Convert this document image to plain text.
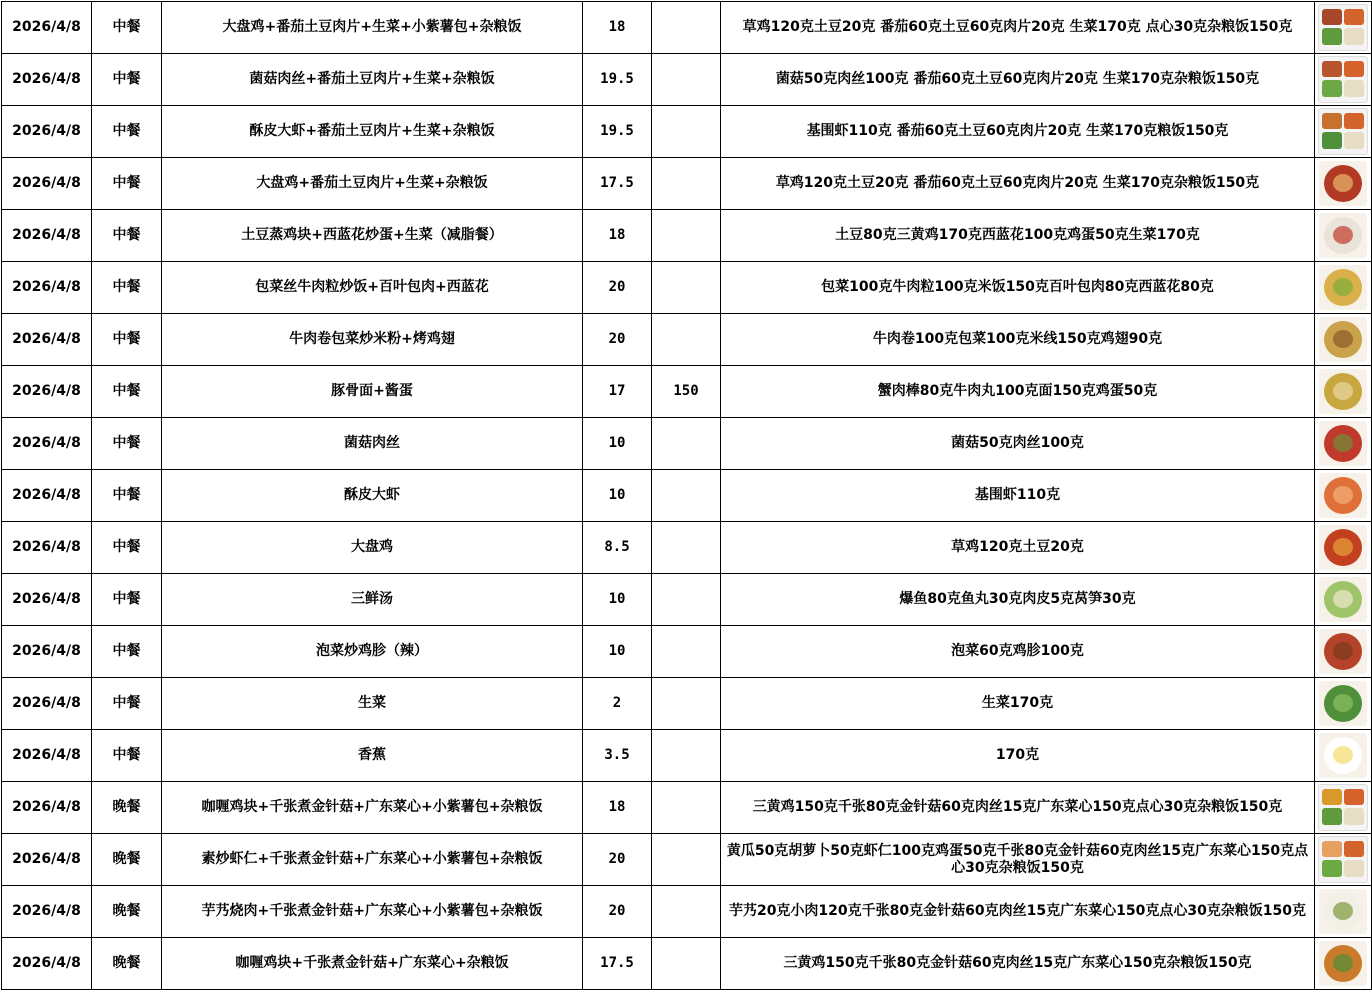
2026/4/8	中餐	大盘鸡+番茄土豆肉片+生菜+小紫薯包+杂粮饭	18		草鸡120克土豆20克 番茄60克土豆60克肉片20克 生菜170克 点心30克杂粮饭150克	

2026/4/8	中餐	菌菇肉丝+番茄土豆肉片+生菜+杂粮饭	19.5		菌菇50克肉丝100克 番茄60克土豆60克肉片20克 生菜170克杂粮饭150克	

2026/4/8	中餐	酥皮大虾+番茄土豆肉片+生菜+杂粮饭	19.5		基围虾110克 番茄60克土豆60克肉片20克 生菜170克粮饭150克	

2026/4/8	中餐	大盘鸡+番茄土豆肉片+生菜+杂粮饭	17.5		草鸡120克土豆20克 番茄60克土豆60克肉片20克 生菜170克杂粮饭150克	

2026/4/8	中餐	土豆蒸鸡块+西蓝花炒蛋+生菜（减脂餐）	18		土豆80克三黄鸡170克西蓝花100克鸡蛋50克生菜170克	

2026/4/8	中餐	包菜丝牛肉粒炒饭+百叶包肉+西蓝花	20		包菜100克牛肉粒100克米饭150克百叶包肉80克西蓝花80克	

2026/4/8	中餐	牛肉卷包菜炒米粉+烤鸡翅	20		牛肉卷100克包菜100克米线150克鸡翅90克	

2026/4/8	中餐	豚骨面+酱蛋	17	150	蟹肉棒80克牛肉丸100克面150克鸡蛋50克	

2026/4/8	中餐	菌菇肉丝	10		菌菇50克肉丝100克	

2026/4/8	中餐	酥皮大虾	10		基围虾110克	

2026/4/8	中餐	大盘鸡	8.5		草鸡120克土豆20克	

2026/4/8	中餐	三鲜汤	10		爆鱼80克鱼丸30克肉皮5克莴笋30克	

2026/4/8	中餐	泡菜炒鸡胗（辣）	10		泡菜60克鸡胗100克	

2026/4/8	中餐	生菜	2		生菜170克	

2026/4/8	中餐	香蕉	3.5		170克	

2026/4/8	晚餐	咖喱鸡块+千张煮金针菇+广东菜心+小紫薯包+杂粮饭	18		三黄鸡150克千张80克金针菇60克肉丝15克广东菜心150克点心30克杂粮饭150克	

2026/4/8	晚餐	素炒虾仁+千张煮金针菇+广东菜心+小紫薯包+杂粮饭	20		黄瓜50克胡萝卜50克虾仁100克鸡蛋50克千张80克金针菇60克肉丝15克广东菜心150克点心30克杂粮饭150克	

2026/4/8	晚餐	芋艿烧肉+千张煮金针菇+广东菜心+小紫薯包+杂粮饭	20		芋艿20克小肉120克千张80克金针菇60克肉丝15克广东菜心150克点心30克杂粮饭150克	

2026/4/8	晚餐	咖喱鸡块+千张煮金针菇+广东菜心+杂粮饭	17.5		三黄鸡150克千张80克金针菇60克肉丝15克广东菜心150克杂粮饭150克	
